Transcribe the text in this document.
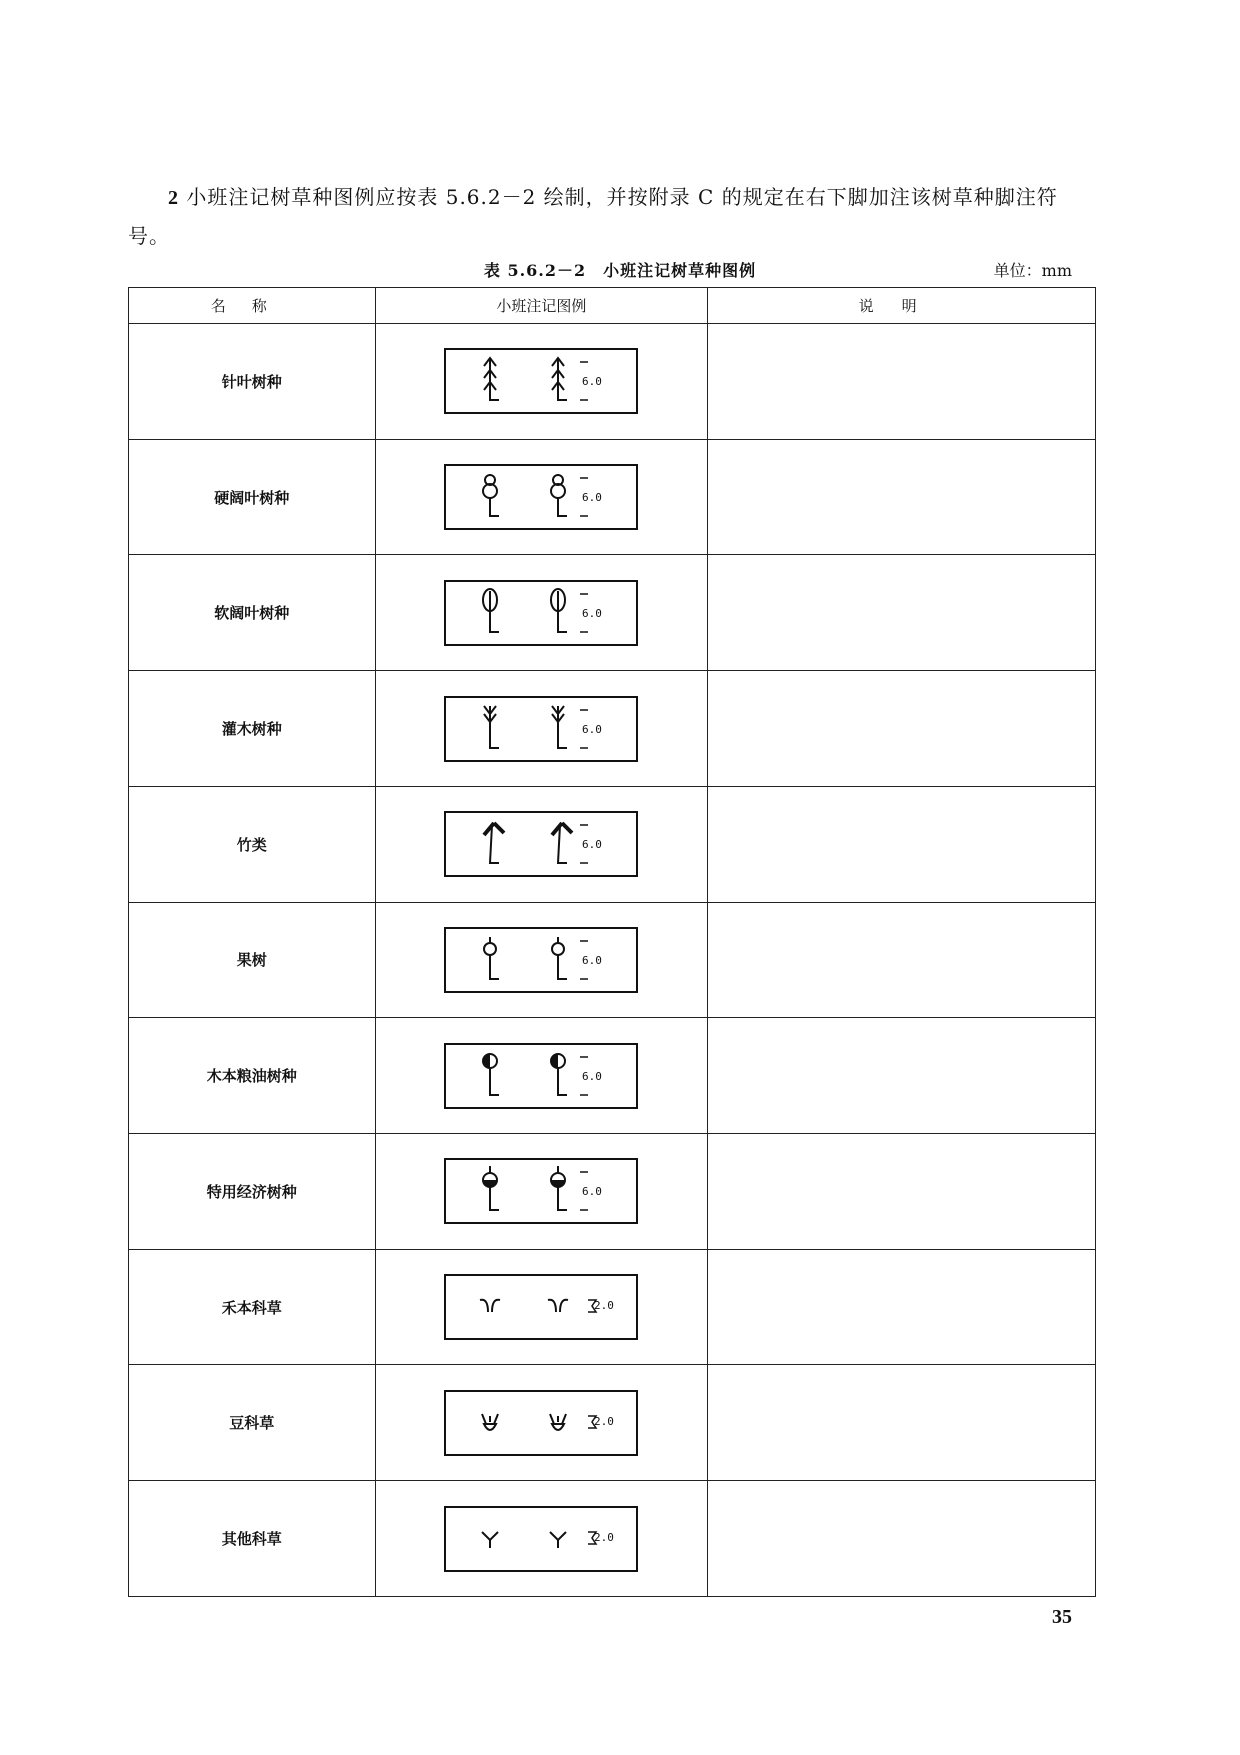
2 小班注记树草种图例应按表 5.6.2－2 绘制，并按附录 C 的规定在右下脚加注该树草种脚注符号。
表 5.6.2－2　小班注记树草种图例	单位：mm
名称	小班注记图例	说明
针叶树种	6.0	

硬阔叶树种	6.0	

软阔叶树种	6.0	

灌木树种	6.0	

竹类	6.0	

果树	6.0	

木本粮油树种	6.0	

特用经济树种	6.0	

禾本科草	2.0	

豆科草	2.0	

其他科草	2.0	

35
